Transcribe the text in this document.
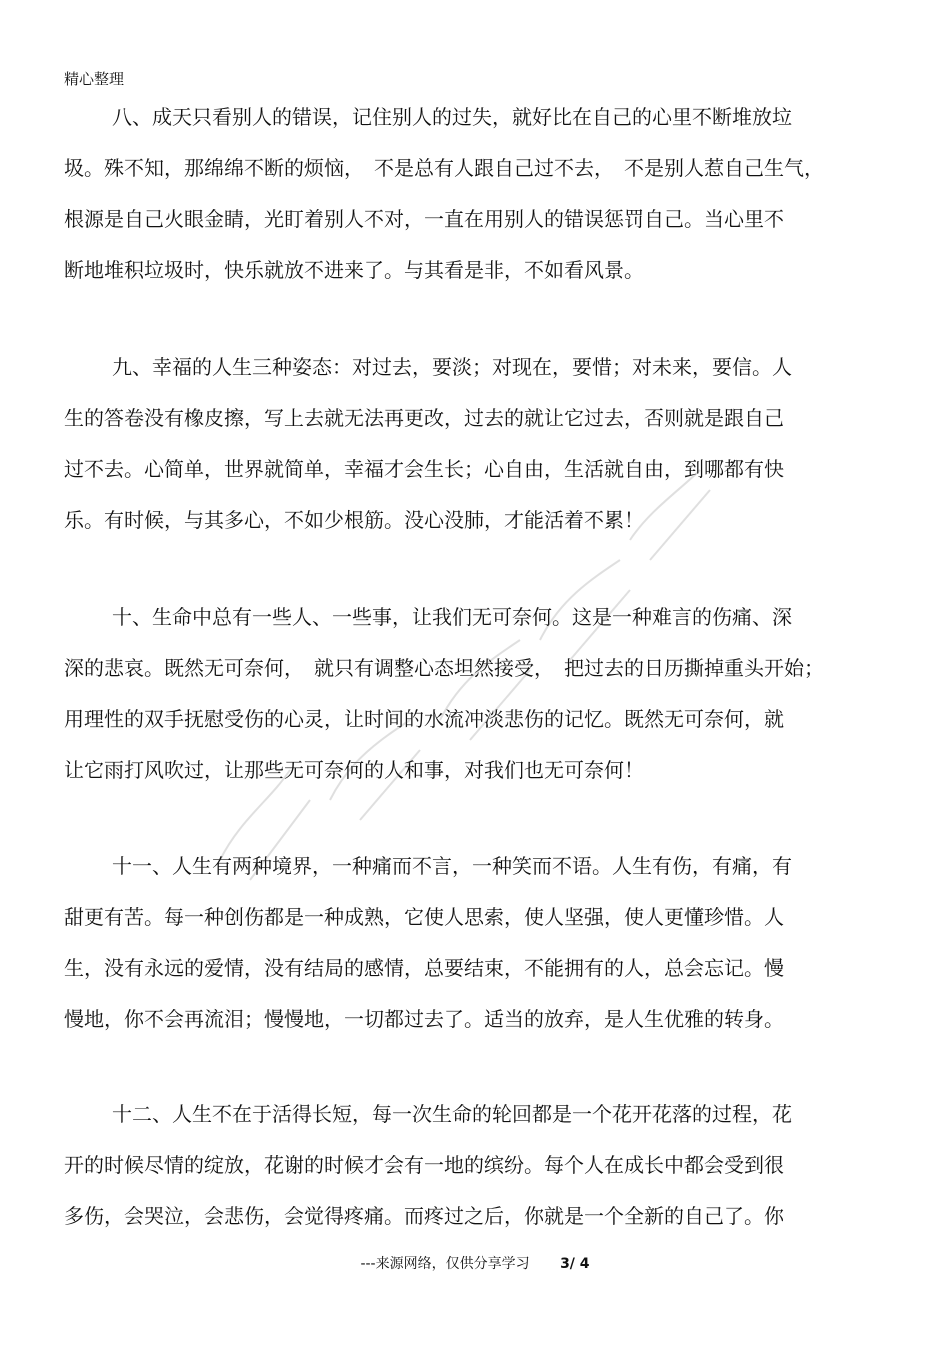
精心整理
八、成天只看别人的错误，记住别人的过失，就好比在自己的心里不断堆放垃
圾。殊不知，那绵绵不断的烦恼，　不是总有人跟自己过不去，　不是别人惹自己生气，
根源是自己火眼金睛，光盯着别人不对，一直在用别人的错误惩罚自己。当心里不
断地堆积垃圾时，快乐就放不进来了。与其看是非，不如看风景。
九、幸福的人生三种姿态：对过去，要淡；对现在，要惜；对未来，要信。人
生的答卷没有橡皮擦，写上去就无法再更改，过去的就让它过去，否则就是跟自己
过不去。心简单，世界就简单，幸福才会生长；心自由，生活就自由，到哪都有快
乐。有时候，与其多心，不如少根筋。没心没肺，才能活着不累！
十、生命中总有一些人、一些事，让我们无可奈何。这是一种难言的伤痛、深
深的悲哀。既然无可奈何，　就只有调整心态坦然接受，　把过去的日历撕掉重头开始；
用理性的双手抚慰受伤的心灵，让时间的水流冲淡悲伤的记忆。既然无可奈何，就
让它雨打风吹过，让那些无可奈何的人和事，对我们也无可奈何！
十一、人生有两种境界，一种痛而不言，一种笑而不语。人生有伤，有痛，有
甜更有苦。每一种创伤都是一种成熟，它使人思索，使人坚强，使人更懂珍惜。人
生，没有永远的爱情，没有结局的感情，总要结束，不能拥有的人，总会忘记。慢
慢地，你不会再流泪；慢慢地，一切都过去了。适当的放弃，是人生优雅的转身。
十二、人生不在于活得长短，每一次生命的轮回都是一个花开花落的过程，花
开的时候尽情的绽放，花谢的时候才会有一地的缤纷。每个人在成长中都会受到很
多伤，会哭泣，会悲伤，会觉得疼痛。而疼过之后，你就是一个全新的自己了。你
---来源网络，仅供分享学习 3/ 4
